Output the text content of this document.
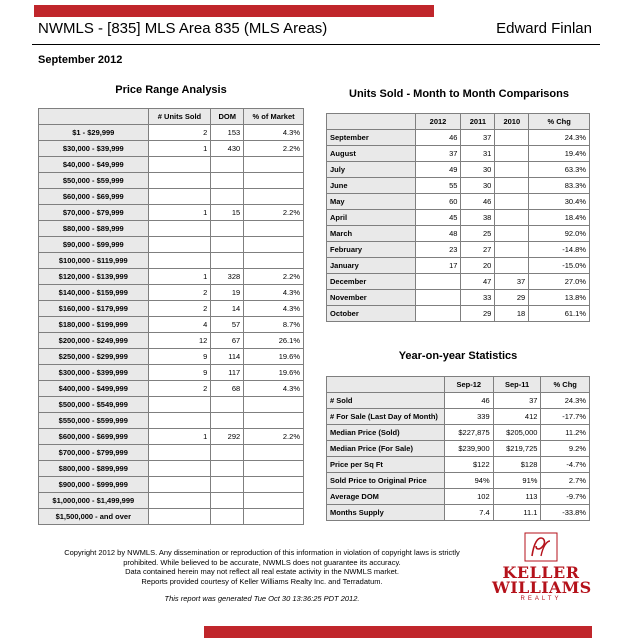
NWMLS - [835] MLS Area 835 (MLS Areas)	Edward Finlan
September 2012
Price Range Analysis
	# Units Sold	DOM	% of Market
$1 - $29,999	2	153	4.3%
$30,000 - $39,999	1	430	2.2%
$40,000 - $49,999			
$50,000 - $59,999			
$60,000 - $69,999			
$70,000 - $79,999	1	15	2.2%
$80,000 - $89,999			
$90,000 - $99,999			
$100,000 - $119,999			
$120,000 - $139,999	1	328	2.2%
$140,000 - $159,999	2	19	4.3%
$160,000 - $179,999	2	14	4.3%
$180,000 - $199,999	4	57	8.7%
$200,000 - $249,999	12	67	26.1%
$250,000 - $299,999	9	114	19.6%
$300,000 - $399,999	9	117	19.6%
$400,000 - $499,999	2	68	4.3%
$500,000 - $549,999			
$550,000 - $599,999			
$600,000 - $699,999	1	292	2.2%
$700,000 - $799,999			
$800,000 - $899,999			
$900,000 - $999,999			
$1,000,000 - $1,499,999			
$1,500,000 - and over			
Units Sold - Month to Month Comparisons
	2012	2011	2010	% Chg
September	46	37		24.3%
August	37	31		19.4%
July	49	30		63.3%
June	55	30		83.3%
May	60	46		30.4%
April	45	38		18.4%
March	48	25		92.0%
February	23	27		-14.8%
January	17	20		-15.0%
December		47	37	27.0%
November		33	29	13.8%
October		29	18	61.1%
Year-on-year Statistics
	Sep-12	Sep-11	% Chg
# Sold	46	37	24.3%
# For Sale (Last Day of Month)	339	412	-17.7%
Median Price (Sold)	$227,875	$205,000	11.2%
Median Price (For Sale)	$239,900	$219,725	9.2%
Price per Sq Ft	$122	$128	-4.7%
Sold Price to Original Price	94%	91%	2.7%
Average DOM	102	113	-9.7%
Months Supply	7.4	11.1	-33.8%
Copyright 2012 by NWMLS. Any dissemination or reproduction of this information in violation of copyright laws is strictly
prohibited. While believed to be accurate, NWMLS does not guarantee its accuracy.
Data contained herein may not reflect all real estate activity in the NWMLS market.
Reports provided courtesy of Keller Williams Realty Inc. and Terradatum.
This report was generated Tue Oct 30 13:36:25 PDT 2012.
KELLER
WILLIAMS
REALTY
